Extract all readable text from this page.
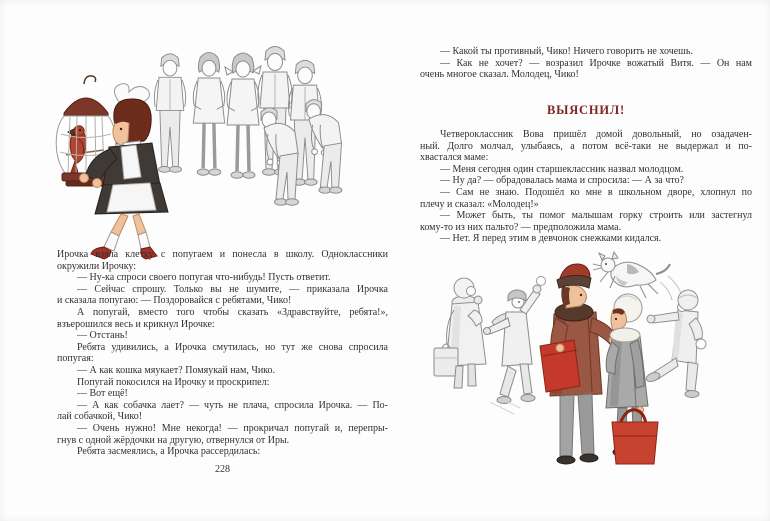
Ирочка взяла клетку с попугаем и понесла в школу. Одноклассники
окружили Ирочку:
— Ну-ка спроси своего попугая что-нибудь! Пусть ответит.
— Сейчас спрошу. Только вы не шумите, — приказала Ирочка
и сказала попугаю: — Поздоровайся с ребятами, Чико!
А попугай, вместо того чтобы сказать «Здравствуйте, ребята!»,
взъерошился весь и крикнул Ирочке:
— Отстань!
Ребята удивились, а Ирочка смутилась, но тут же снова спросила
попугая:
— А как кошка мяукает? Помяукай нам, Чико.
Попугай покосился на Ирочку и проскрипел:
— Вот ещё!
— А как собачка лает? — чуть не плача, спросила Ирочка. — По-
лай собачкой, Чико!
— Очень нужно! Мне некогда! — прокричал попугай и, перепры-
гнув с одной жёрдочки на другую, отвернулся от Иры.
Ребята засмеялись, а Ирочка рассердилась:
228
— Какой ты противный, Чико! Ничего говорить не хочешь.
— Как не хочет? — возразил Ирочке вожатый Витя. — Он нам
очень многое сказал. Молодец, Чико!
ВЫЯСНИЛ!
Четвероклассник Вова пришёл домой довольный, но озадачен-
ный. Долго молчал, улыбаясь, а потом всё-таки не выдержал и по-
хвастался маме:
— Меня сегодня один старшеклассник назвал молодцом.
— Ну да? — обрадовалась мама и спросила: — А за что?
— Сам не знаю. Подошёл ко мне в школьном дворе, хлопнул по
плечу и сказал: «Молодец!»
— Может быть, ты помог малышам горку строить или застегнул
кому-то из них пальто? — предположила мама.
— Нет. Я перед этим в девчонок снежками кидался.
